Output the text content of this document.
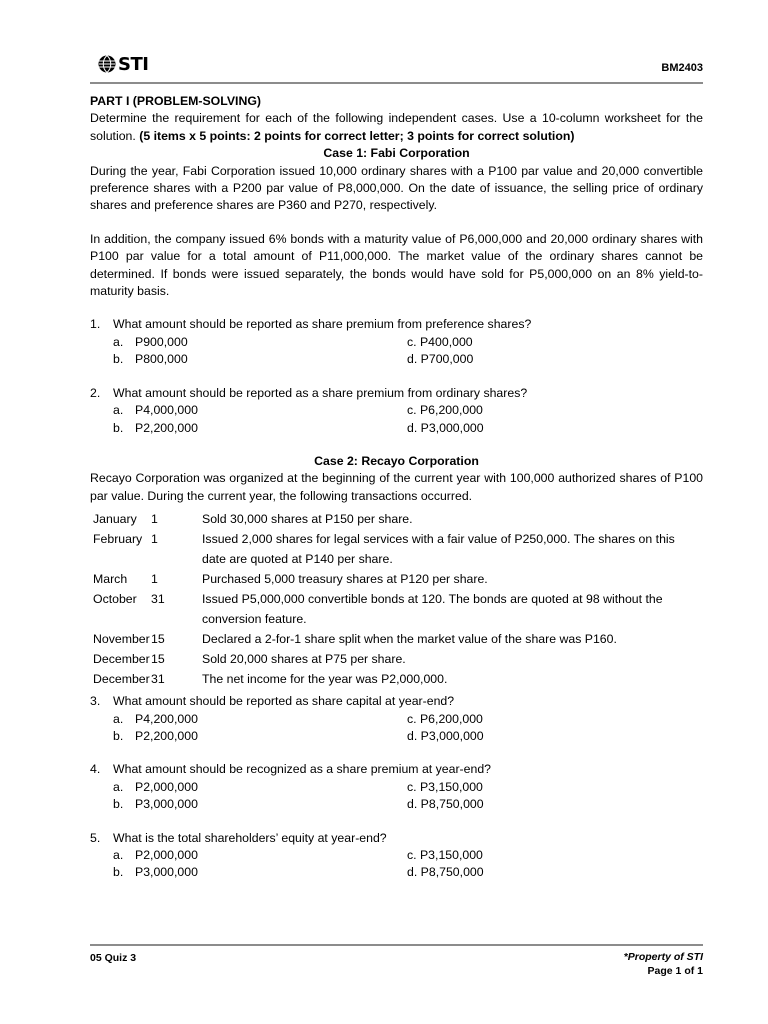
STI	BM2403

PART I (PROBLEM-SOLVING)

Determine the requirement for each of the following independent cases. Use a 10-column worksheet for the solution. (5 items x 5 points: 2 points for correct letter; 3 points for correct solution)

Case 1: Fabi Corporation

During the year, Fabi Corporation issued 10,000 ordinary shares with a P100 par value and 20,000 convertible preference shares with a P200 par value of P8,000,000. On the date of issuance, the selling price of ordinary shares and preference shares are P360 and P270, respectively.

In addition, the company issued 6% bonds with a maturity value of P6,000,000 and 20,000 ordinary shares with P100 par value for a total amount of P11,000,000. The market value of the ordinary shares cannot be determined. If bonds were issued separately, the bonds would have sold for P5,000,000 on an 8% yield-to-maturity basis.

1.	What amount should be reported as share premium from preference shares?

a. P900,000	c. P400,000
b. P800,000	d. P700,000

2.	What amount should be reported as a share premium from ordinary shares?

a. P4,000,000	c. P6,200,000
b. P2,200,000	d. P3,000,000

Case 2: Recayo Corporation

Recayo Corporation was organized at the beginning of the current year with 100,000 authorized shares of P100 par value. During the current year, the following transactions occurred.

January	1	Sold 30,000 shares at P150 per share.
February	1	Issued 2,000 shares for legal services with a fair value of P250,000. The shares on this date are quoted at P140 per share.
March	1	Purchased 5,000 treasury shares at P120 per share.
October	31	Issued P5,000,000 convertible bonds at 120. The bonds are quoted at 98 without the conversion feature.
November	15	Declared a 2-for-1 share split when the market value of the share was P160.
December	15	Sold 20,000 shares at P75 per share.
December	31	The net income for the year was P2,000,000.

3.	What amount should be reported as share capital at year-end?

a. P4,200,000	c. P6,200,000
b. P2,200,000	d. P3,000,000

4.	What amount should be recognized as a share premium at year-end?

a. P2,000,000	c. P3,150,000
b. P3,000,000	d. P8,750,000

5.	What is the total shareholders’ equity at year-end?

a. P2,000,000	c. P3,150,000
b. P3,000,000	d. P8,750,000
05 Quiz 3	*Property of STI
Page 1 of 1
